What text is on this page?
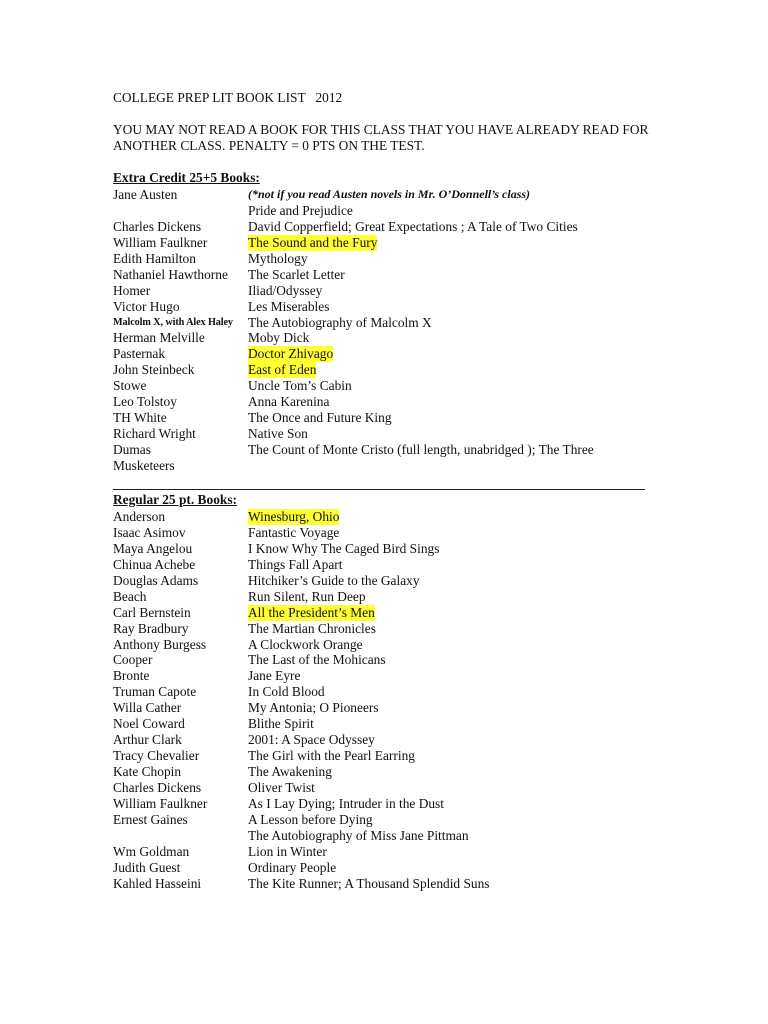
COLLEGE PREP LIT BOOK LIST   2012
YOU MAY NOT READ A BOOK FOR THIS CLASS THAT YOU HAVE ALREADY READ FOR ANOTHER CLASS. PENALTY = 0 PTS ON THE TEST.
Extra Credit 25+5 Books:
Jane Austen	(*not if you read Austen novels in Mr. O’Donnell’s class)
Pride and Prejudice
Charles Dickens	David Copperfield; Great Expectations ; A Tale of Two Cities
William Faulkner	The Sound and the Fury
Edith Hamilton	Mythology
Nathaniel Hawthorne The Scarlet Letter
Homer	Iliad/Odyssey
Victor Hugo	Les Miserables
Malcolm X, with Alex Haley The Autobiography of Malcolm X
Herman Melville	Moby Dick
Pasternak	Doctor Zhivago
John Steinbeck	East of Eden
Stowe	Uncle Tom’s Cabin
Leo Tolstoy	Anna Karenina
TH White	The Once and Future King
Richard Wright	Native Son
Dumas	The Count of Monte Cristo (full length, unabridged ); The Three
Musketeers
Regular 25 pt. Books:
Anderson	Winesburg, Ohio
Isaac Asimov	Fantastic Voyage
Maya Angelou	I Know Why The Caged Bird Sings
Chinua Achebe	Things Fall Apart
Douglas Adams	Hitchiker’s Guide to the Galaxy
Beach	Run Silent, Run Deep
Carl Bernstein	All the President’s Men
Ray Bradbury	The Martian Chronicles
Anthony Burgess	A Clockwork Orange
Cooper	The Last of the Mohicans
Bronte	Jane Eyre
Truman Capote	In Cold Blood
Willa Cather	My Antonia; O Pioneers
Noel Coward	Blithe Spirit
Arthur Clark	2001: A Space Odyssey
Tracy Chevalier	The Girl with the Pearl Earring
Kate Chopin	The Awakening
Charles Dickens	Oliver Twist
William Faulkner	As I Lay Dying; Intruder in the Dust
Ernest Gaines	A Lesson before Dying
The Autobiography of Miss Jane Pittman
Wm Goldman	Lion in Winter
Judith Guest	Ordinary People
Kahled Hasseini	The Kite Runner; A Thousand Splendid Suns
